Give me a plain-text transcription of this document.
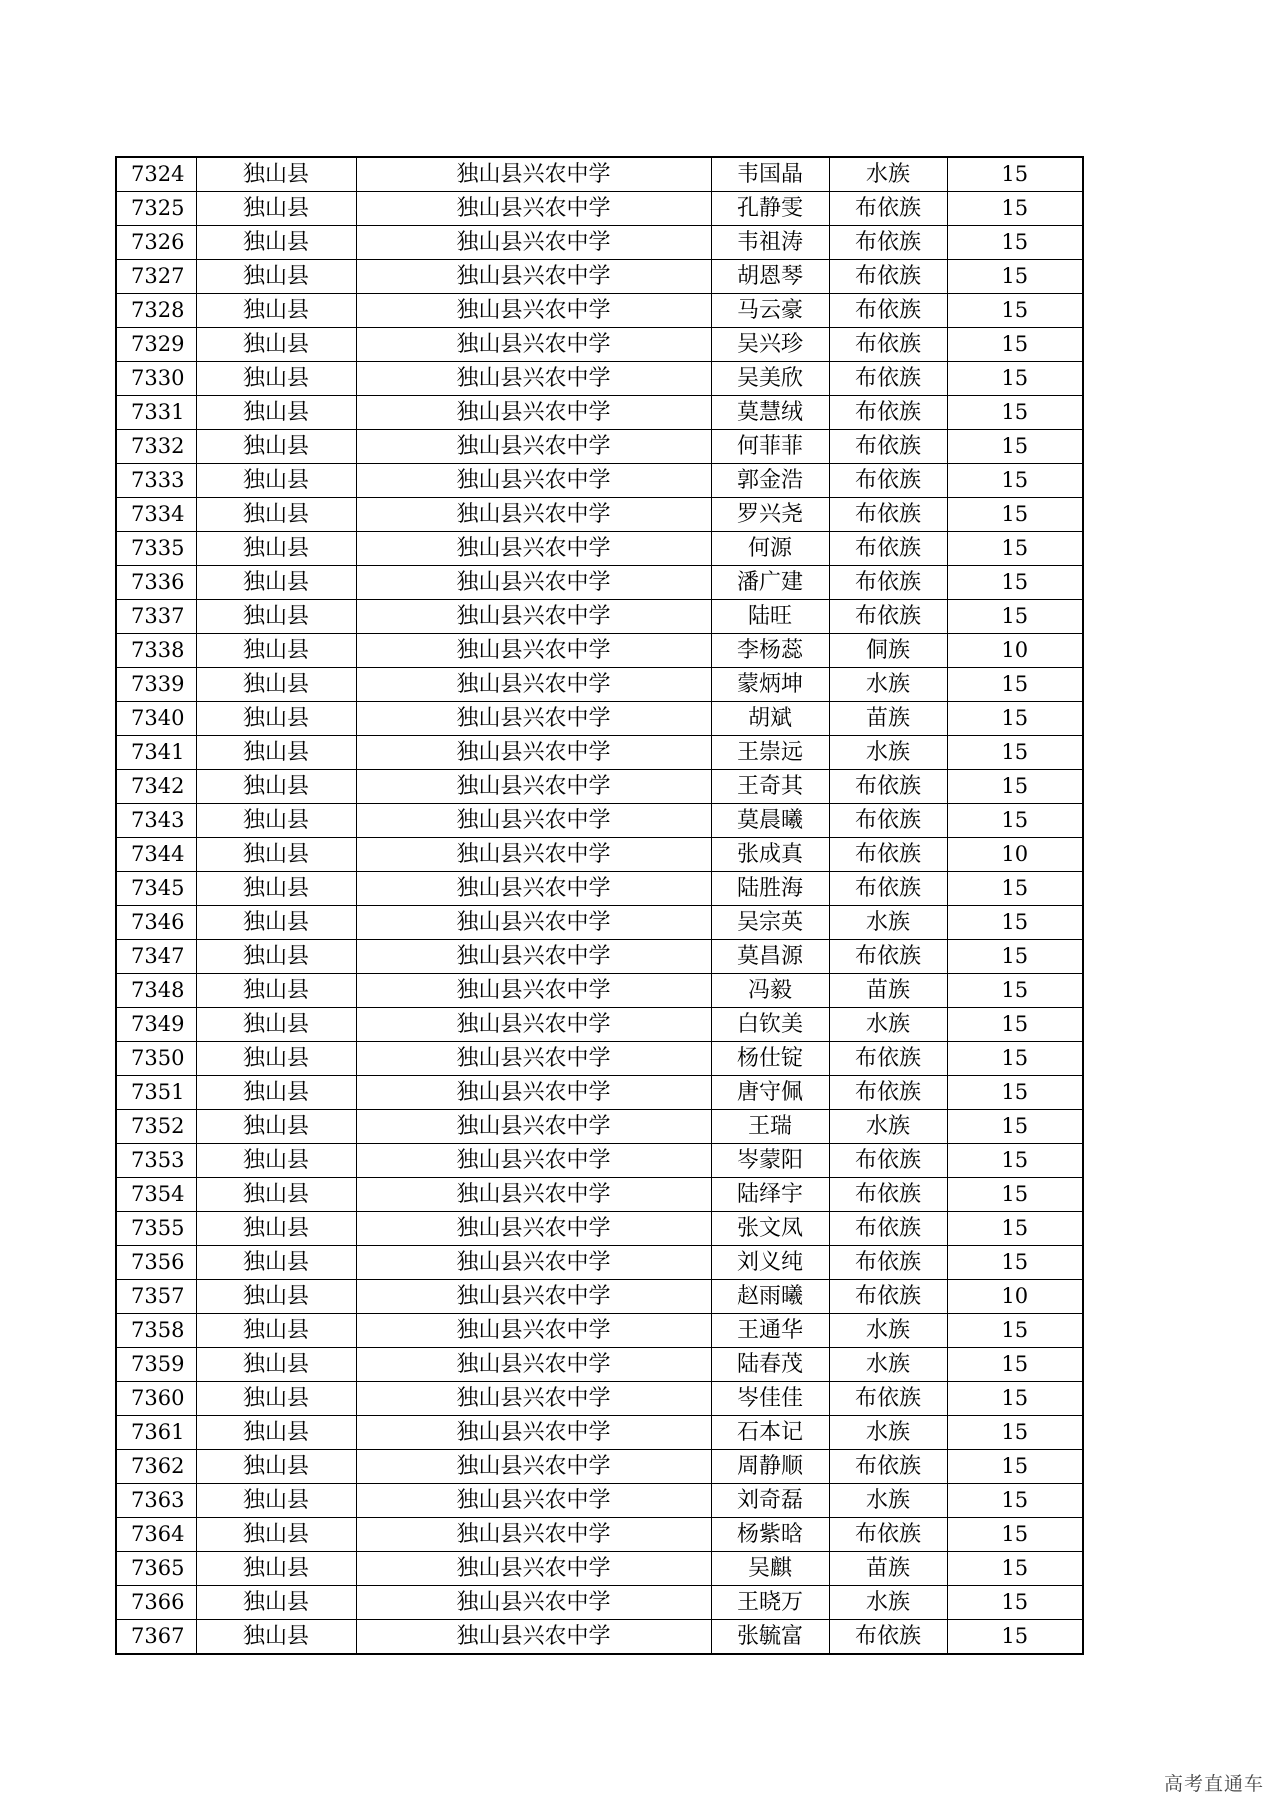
7324	独山县	独山县兴农中学	韦国晶	水族	15
7325	独山县	独山县兴农中学	孔静雯	布依族	15
7326	独山县	独山县兴农中学	韦祖涛	布依族	15
7327	独山县	独山县兴农中学	胡恩琴	布依族	15
7328	独山县	独山县兴农中学	马云豪	布依族	15
7329	独山县	独山县兴农中学	吴兴珍	布依族	15
7330	独山县	独山县兴农中学	吴美欣	布依族	15
7331	独山县	独山县兴农中学	莫慧绒	布依族	15
7332	独山县	独山县兴农中学	何菲菲	布依族	15
7333	独山县	独山县兴农中学	郭金浩	布依族	15
7334	独山县	独山县兴农中学	罗兴尧	布依族	15
7335	独山县	独山县兴农中学	何源	布依族	15
7336	独山县	独山县兴农中学	潘广建	布依族	15
7337	独山县	独山县兴农中学	陆旺	布依族	15
7338	独山县	独山县兴农中学	李杨蕊	侗族	10
7339	独山县	独山县兴农中学	蒙炳坤	水族	15
7340	独山县	独山县兴农中学	胡斌	苗族	15
7341	独山县	独山县兴农中学	王崇远	水族	15
7342	独山县	独山县兴农中学	王奇其	布依族	15
7343	独山县	独山县兴农中学	莫晨曦	布依族	15
7344	独山县	独山县兴农中学	张成真	布依族	10
7345	独山县	独山县兴农中学	陆胜海	布依族	15
7346	独山县	独山县兴农中学	吴宗英	水族	15
7347	独山县	独山县兴农中学	莫昌源	布依族	15
7348	独山县	独山县兴农中学	冯毅	苗族	15
7349	独山县	独山县兴农中学	白钦美	水族	15
7350	独山县	独山县兴农中学	杨仕锭	布依族	15
7351	独山县	独山县兴农中学	唐守佩	布依族	15
7352	独山县	独山县兴农中学	王瑞	水族	15
7353	独山县	独山县兴农中学	岑蒙阳	布依族	15
7354	独山县	独山县兴农中学	陆绎宇	布依族	15
7355	独山县	独山县兴农中学	张文凤	布依族	15
7356	独山县	独山县兴农中学	刘义纯	布依族	15
7357	独山县	独山县兴农中学	赵雨曦	布依族	10
7358	独山县	独山县兴农中学	王通华	水族	15
7359	独山县	独山县兴农中学	陆春茂	水族	15
7360	独山县	独山县兴农中学	岑佳佳	布依族	15
7361	独山县	独山县兴农中学	石本记	水族	15
7362	独山县	独山县兴农中学	周静顺	布依族	15
7363	独山县	独山县兴农中学	刘奇磊	水族	15
7364	独山县	独山县兴农中学	杨紫晗	布依族	15
7365	独山县	独山县兴农中学	吴麒	苗族	15
7366	独山县	独山县兴农中学	王晓万	水族	15
7367	独山县	独山县兴农中学	张毓富	布依族	15
高考直通车
